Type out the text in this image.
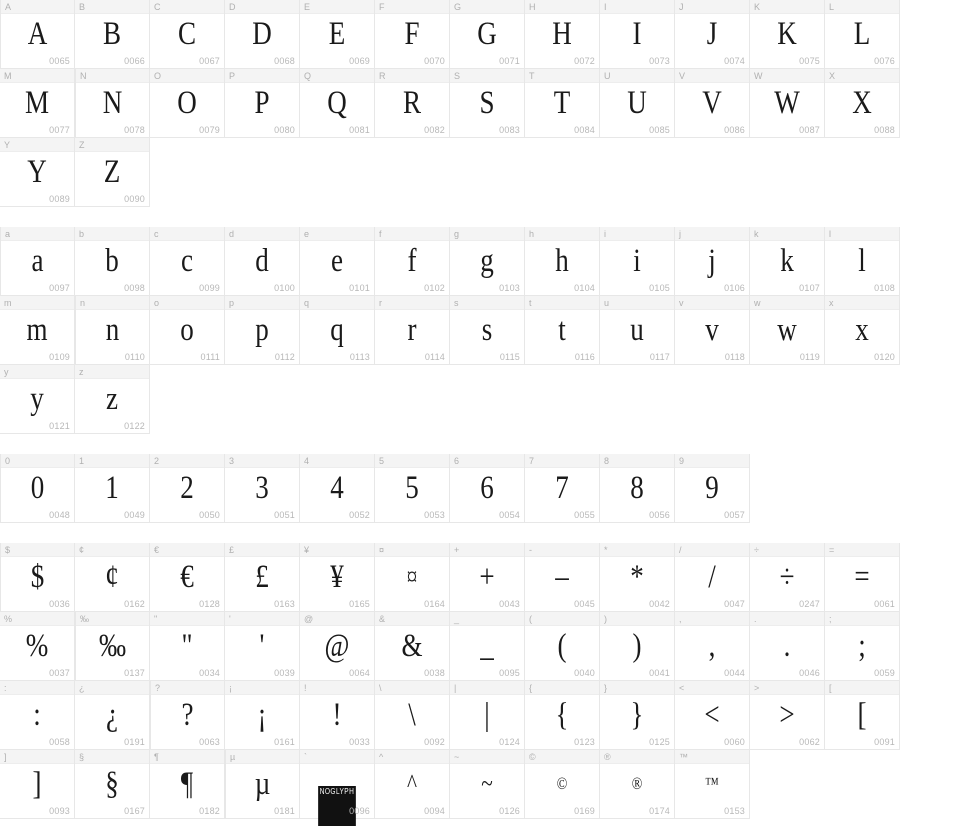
A
A
0065
B
B
0066
C
C
0067
D
D
0068
E
E
0069
F
F
0070
G
G
0071
H
H
0072
I
I
0073
J
J
0074
K
K
0075
L
L
0076
M
M
0077
N
N
0078
O
O
0079
P
P
0080
Q
Q
0081
R
R
0082
S
S
0083
T
T
0084
U
U
0085
V
V
0086
W
W
0087
X
X
0088
Y
Y
0089
Z
Z
0090
a
a
0097
b
b
0098
c
c
0099
d
d
0100
e
e
0101
f
f
0102
g
g
0103
h
h
0104
i
i
0105
j
j
0106
k
k
0107
l
l
0108
m
m
0109
n
n
0110
o
o
0111
p
p
0112
q
q
0113
r
r
0114
s
s
0115
t
t
0116
u
u
0117
v
v
0118
w
w
0119
x
x
0120
y
y
0121
z
z
0122
0
0
0048
1
1
0049
2
2
0050
3
3
0051
4
4
0052
5
5
0053
6
6
0054
7
7
0055
8
8
0056
9
9
0057
$
$
0036
¢
¢
0162
€
€
0128
£
£
0163
¥
¥
0165
¤
¤
0164
+
+
0043
-
–
0045
*
*
0042
/
/
0047
÷
÷
0247
=
=
0061
%
%
0037
‰
‰
0137
"
"
0034
'
'
0039
@
@
0064
&
&
0038
_
_
0095
(
(
0040
)
)
0041
,
,
0044
.
.
0046
;
;
0059
:
:
0058
¿
¿
0191
?
?
0063
¡
¡
0161
!
!
0033
\
\
0092
|
|
0124
{
{
0123
}
}
0125
<
<
0060
>
>
0062
[
[
0091
]
]
0093
§
§
0167
¶
¶
0182
µ
µ
0181
`
NOGLYPH
0096
^
^
0094
~
~
0126
©
©
0169
®
®
0174
™
™
0153
